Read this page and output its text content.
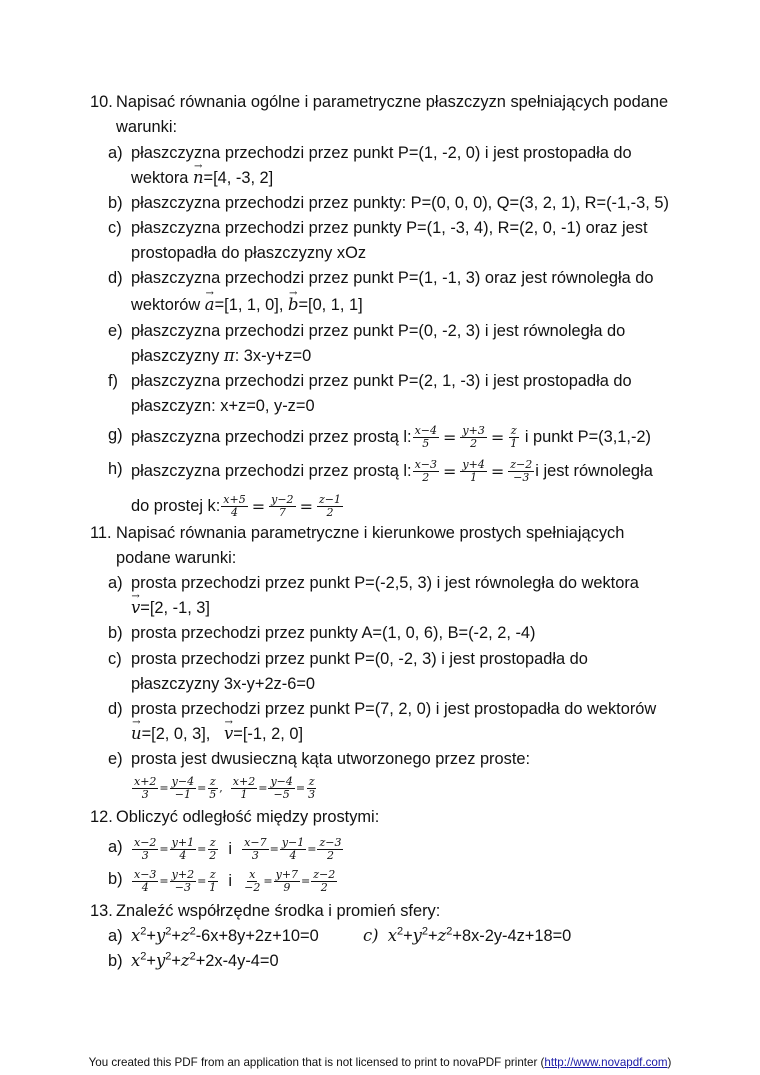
10. Napisać równania ogólne i parametryczne płaszczyzn spełniających podane
warunki:
a) płaszczyzna przechodzi przez punkt P=(1, -2, 0) i jest prostopadła do
wektora → n=[4, -3, 2]
b) płaszczyzna przechodzi przez punkty: P=(0, 0, 0), Q=(3, 2, 1), R=(-1,-3, 5)
c) płaszczyzna przechodzi przez punkty P=(1, -3, 4), R=(2, 0, -1) oraz jest
prostopadła do płaszczyzny xOz
d) płaszczyzna przechodzi przez punkt P=(1, -1, 3) oraz jest równoległa do
wektorów → a=[1, 1, 0], → b=[0, 1, 1]
e) płaszczyzna przechodzi przez punkt P=(0, -2, 3) i jest równoległa do
płaszczyzny π: 3x-y+z=0
f) płaszczyzna przechodzi przez punkt P=(2, 1, -3) i jest prostopadła do
płaszczyzn: x+z=0, y-z=0
g) płaszczyzna przechodzi przez prostą l: $\frac{x-4}{5} = \frac{y+3}{2} = \frac{z}{1}$ i punkt P=(3,1,-2)
h) płaszczyzna przechodzi przez prostą l: $\frac{x-3}{2} = \frac{y+4}{1} = \frac{z-2}{-3}$ i jest równoległa
do prostej k: $\frac{x+5}{4} = \frac{y-2}{7} = \frac{z-1}{2}$
11. Napisać równania parametryczne i kierunkowe prostych spełniających
podane warunki:
a) prosta przechodzi przez punkt P=(-2,5, 3) i jest równoległa do wektora
→ v=[2, -1, 3]
b) prosta przechodzi przez punkty A=(1, 0, 6), B=(-2, 2, -4)
c) prosta przechodzi przez punkt P=(0, -2, 3) i jest prostopadła do
płaszczyzny 3x-y+2z-6=0
d) prosta przechodzi przez punkt P=(7, 2, 0) i jest prostopadła do wektorów
→ u=[2, 0, 3],   → v=[-1, 2, 0]
e) prosta jest dwusieczną kąta utworzonego przez proste:
$\frac{x+2}{3} = \frac{y-4}{-1} = \frac{z}{5}$ , $\frac{x+2}{1} = \frac{y-4}{-5} = \frac{z}{3}$
12. Obliczyć odległość między prostymi:
$a) \frac{x-2}{3} = \frac{y+1}{4} = \frac{z}{2}$ i $\frac{x-7}{3} = \frac{y-1}{4} = \frac{z-3}{2}$
$b) \frac{x-3}{4} = \frac{y+2}{-3} = \frac{z}{1}$ i $\frac{x}{-2} = \frac{y+7}{9} = \frac{z-2}{2}$
13. Znaleźć współrzędne środka i promień sfery:
a) $x^2+y^2+z^2-6x+8y+2z+10=0$	c) $x^2+y^2+z^2+8x-2y-4z+18=0$
b) $x^2+y^2+z^2+2x-4y-4=0$
You created this PDF from an application that is not licensed to print to novaPDF printer (http://www.novapdf.com)
